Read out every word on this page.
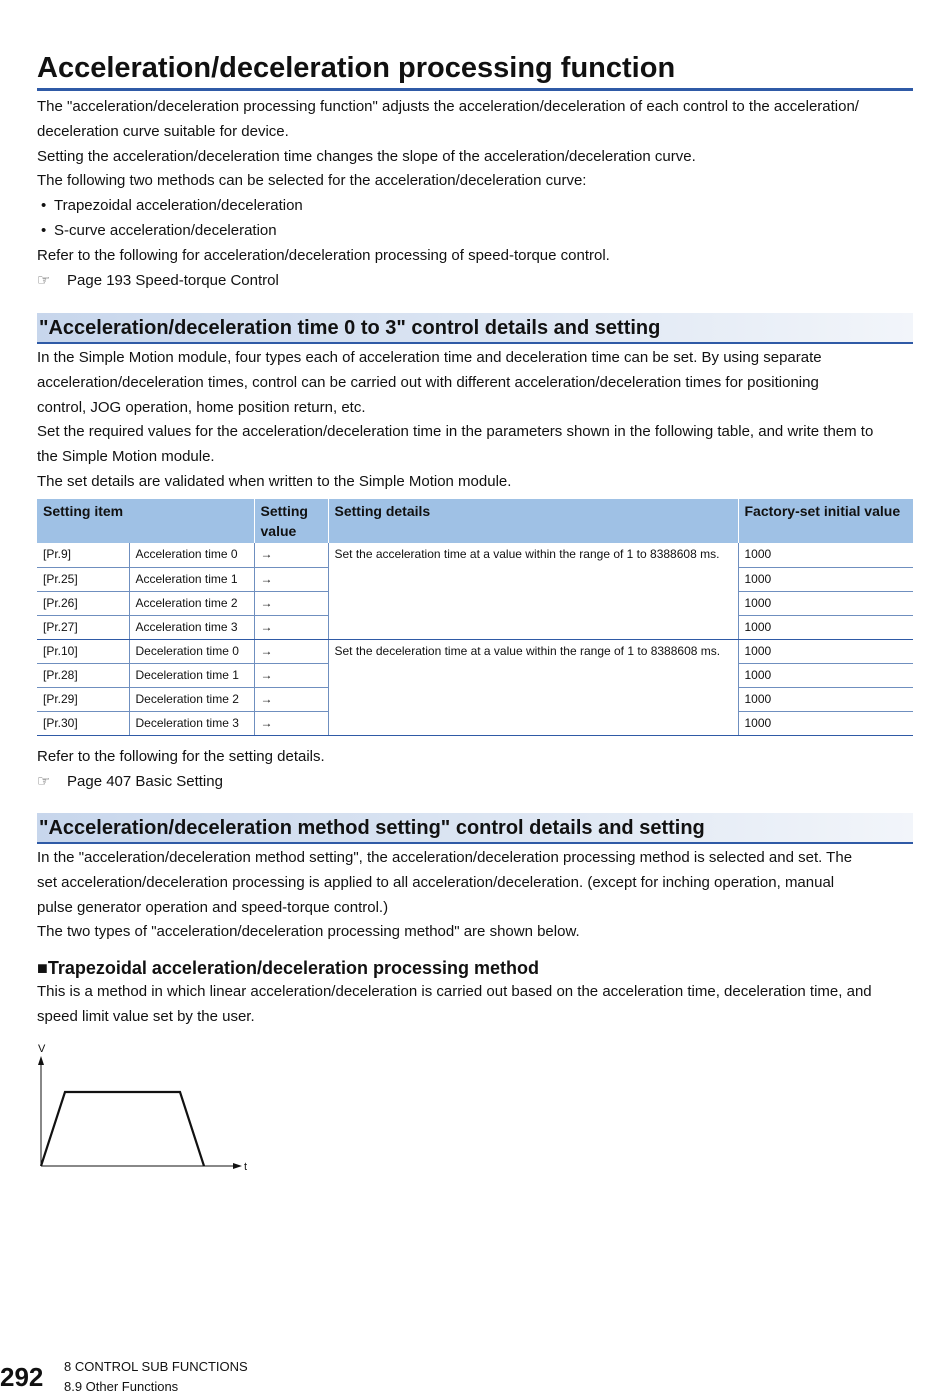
Acceleration/deceleration processing function

The "acceleration/deceleration processing function" adjusts the acceleration/deceleration of each control to the acceleration/

deceleration curve suitable for device.

Setting the acceleration/deceleration time changes the slope of the acceleration/deceleration curve.

The following two methods can be selected for the acceleration/deceleration curve:

• Trapezoidal acceleration/deceleration

• S-curve acceleration/deceleration

Refer to the following for acceleration/deceleration processing of speed-torque control.

☞ Page 193 Speed-torque Control

"Acceleration/deceleration time 0 to 3" control details and setting

In the Simple Motion module, four types each of acceleration time and deceleration time can be set. By using separate

acceleration/deceleration times, control can be carried out with different acceleration/deceleration times for positioning

control, JOG operation, home position return, etc.

Set the required values for the acceleration/deceleration time in the parameters shown in the following table, and write them to

the Simple Motion module.

The set details are validated when written to the Simple Motion module.

Setting item		Setting
value	Setting details	Factory-set initial value
[Pr.9]	Acceleration time 0	→	Set the acceleration time at a value within the range of 1 to 8388608 ms.	1000
[Pr.25]	Acceleration time 1	→		1000
[Pr.26]	Acceleration time 2	→		1000
[Pr.27]	Acceleration time 3	→		1000
[Pr.10]	Deceleration time 0	→	Set the deceleration time at a value within the range of 1 to 8388608 ms.	1000
[Pr.28]	Deceleration time 1	→		1000
[Pr.29]	Deceleration time 2	→		1000
[Pr.30]	Deceleration time 3	→		1000

Refer to the following for the setting details.

☞ Page 407 Basic Setting

"Acceleration/deceleration method setting" control details and setting

In the "acceleration/deceleration method setting", the acceleration/deceleration processing method is selected and set. The

set acceleration/deceleration processing is applied to all acceleration/deceleration. (except for inching operation, manual

pulse generator operation and speed-torque control.)

The two types of "acceleration/deceleration processing method" are shown below.

■Trapezoidal acceleration/deceleration processing method

This is a method in which linear acceleration/deceleration is carried out based on the acceleration time, deceleration time, and

speed limit value set by the user.

V
t
292 8 CONTROL SUB FUNCTIONS
8.9 Other Functions
